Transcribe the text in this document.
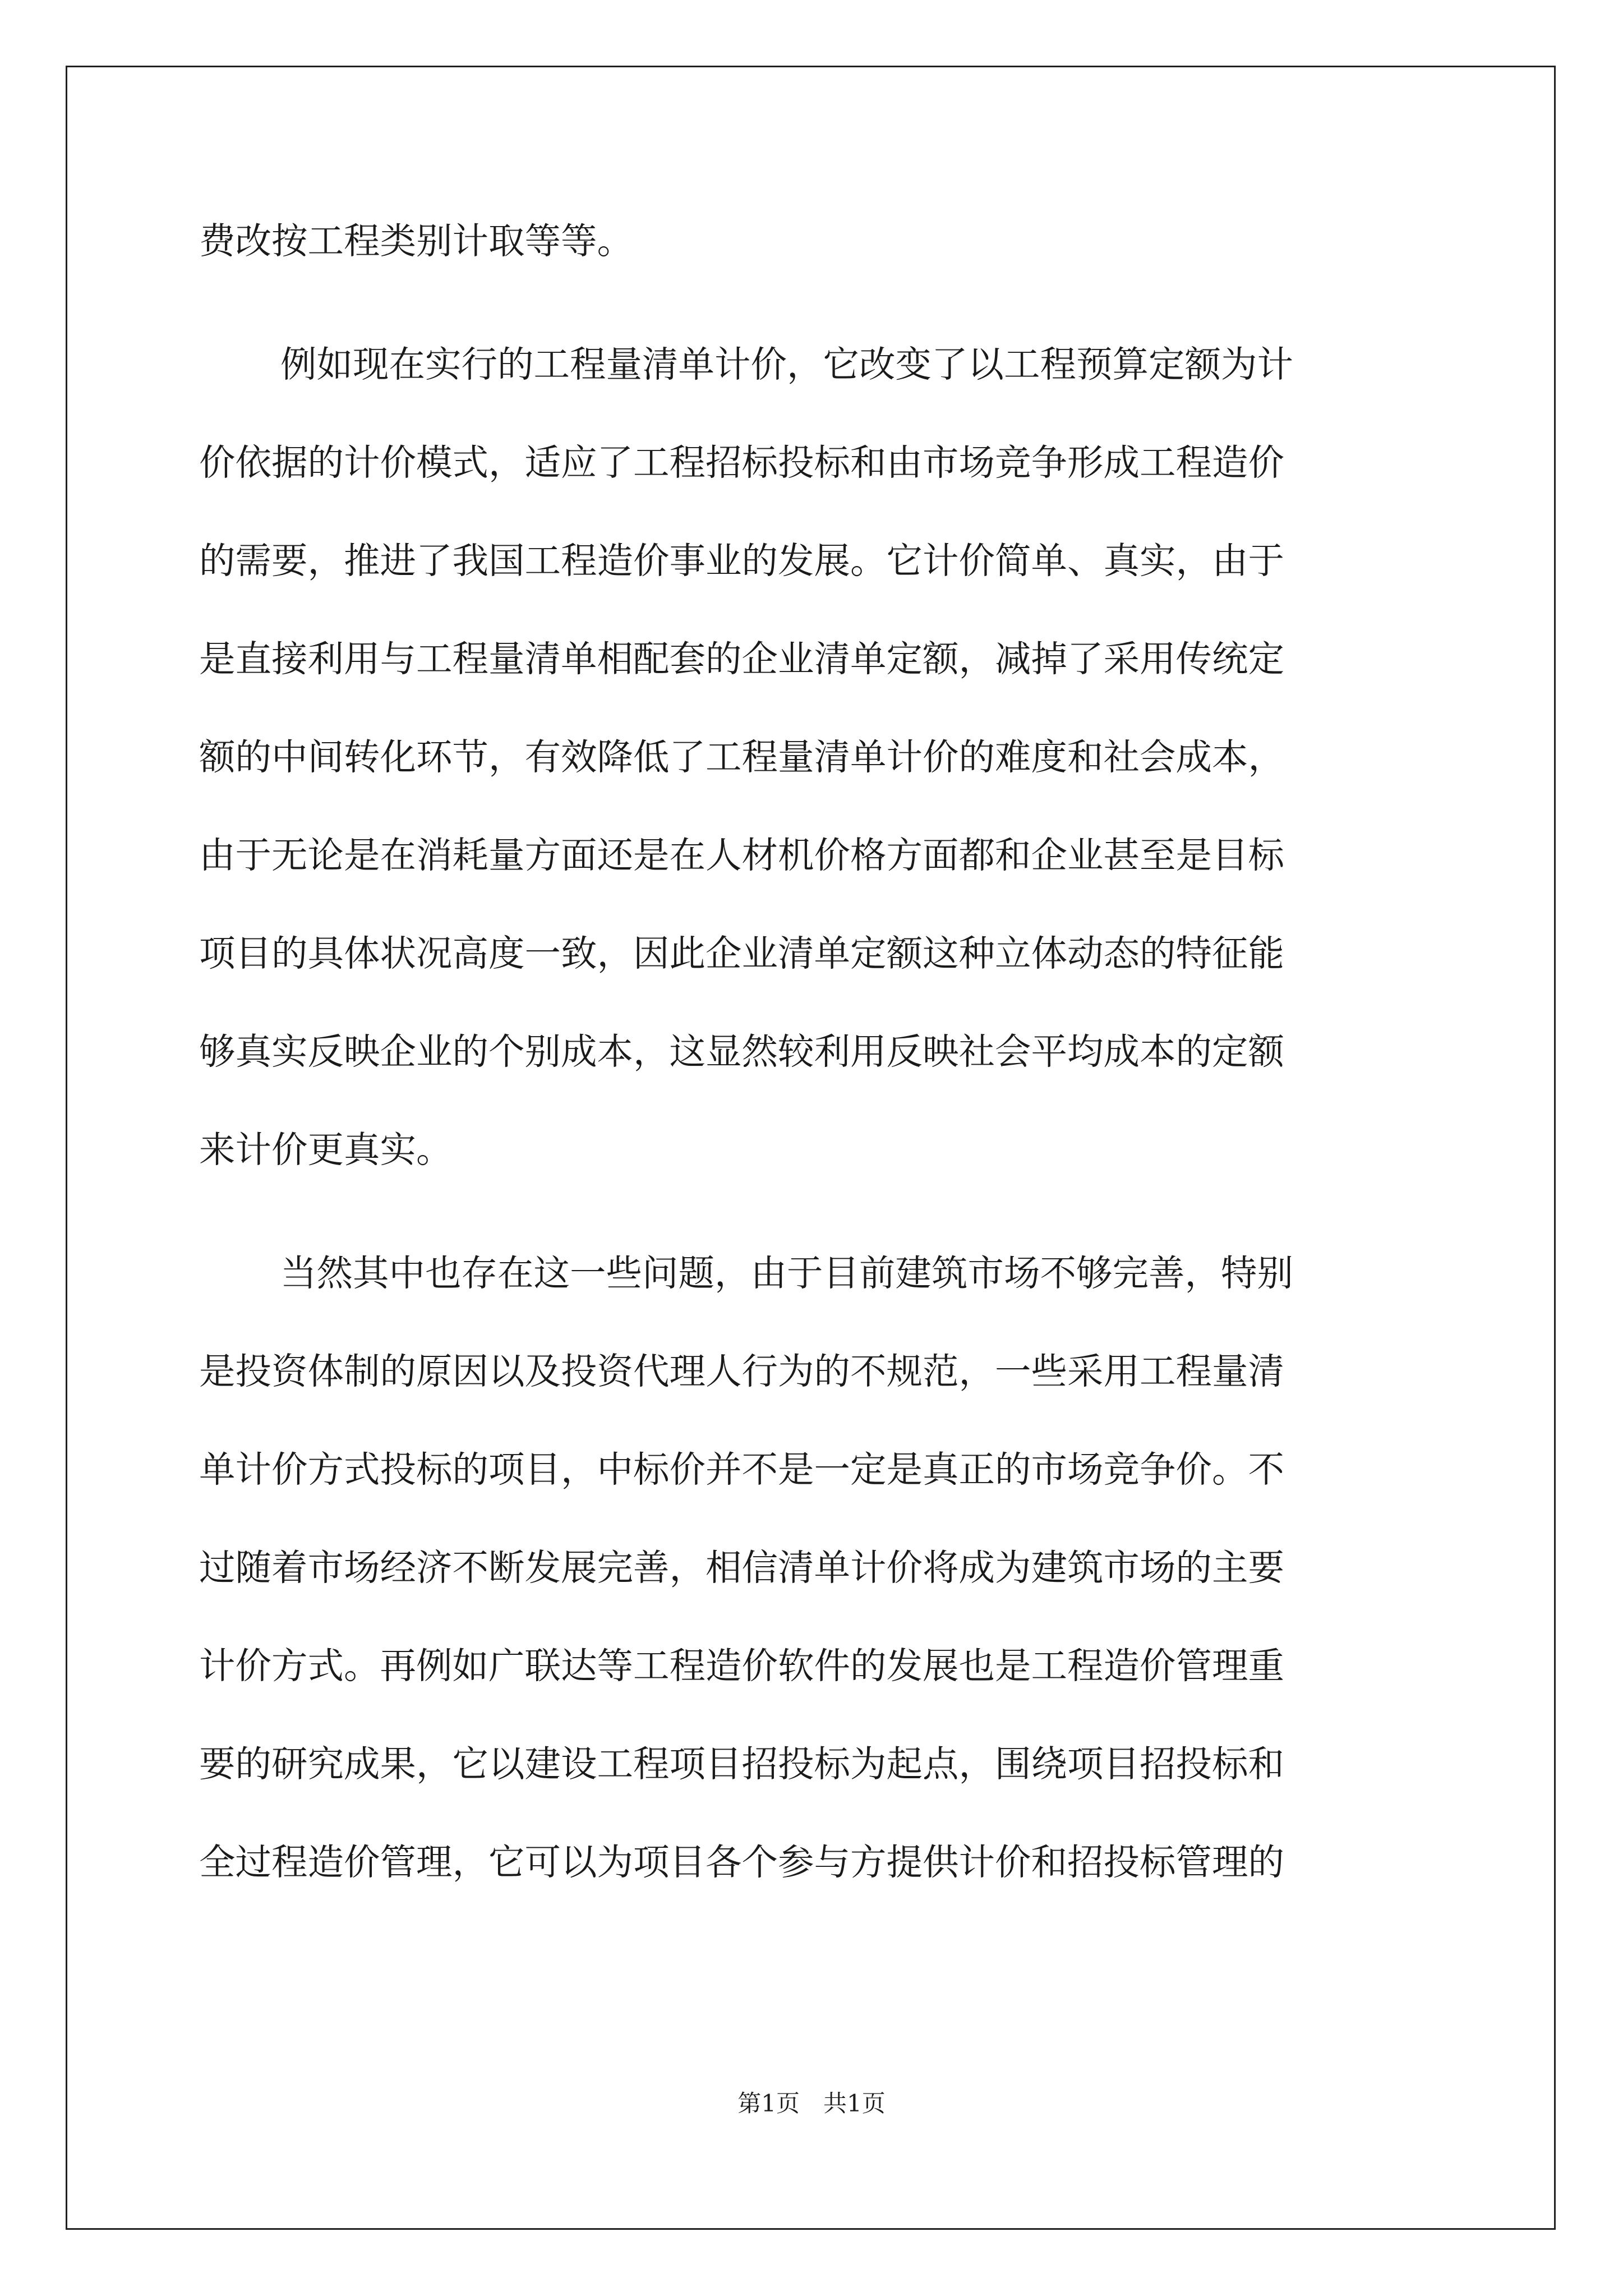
费改按工程类别计取等等。
例如现在实行的工程量清单计价，它改变了以工程预算定额为计
价依据的计价模式，适应了工程招标投标和由市场竞争形成工程造价
的需要，推进了我国工程造价事业的发展。它计价简单、真实，由于
是直接利用与工程量清单相配套的企业清单定额，减掉了采用传统定
额的中间转化环节，有效降低了工程量清单计价的难度和社会成本，
由于无论是在消耗量方面还是在人材机价格方面都和企业甚至是目标
项目的具体状况高度一致，因此企业清单定额这种立体动态的特征能
够真实反映企业的个别成本，这显然较利用反映社会平均成本的定额
来计价更真实。
当然其中也存在这一些问题，由于目前建筑市场不够完善，特别
是投资体制的原因以及投资代理人行为的不规范，一些采用工程量清
单计价方式投标的项目，中标价并不是一定是真正的市场竞争价。不
过随着市场经济不断发展完善，相信清单计价将成为建筑市场的主要
计价方式。再例如广联达等工程造价软件的发展也是工程造价管理重
要的研究成果，它以建设工程项目招投标为起点，围绕项目招投标和
全过程造价管理，它可以为项目各个参与方提供计价和招投标管理的
第1页　共1页
